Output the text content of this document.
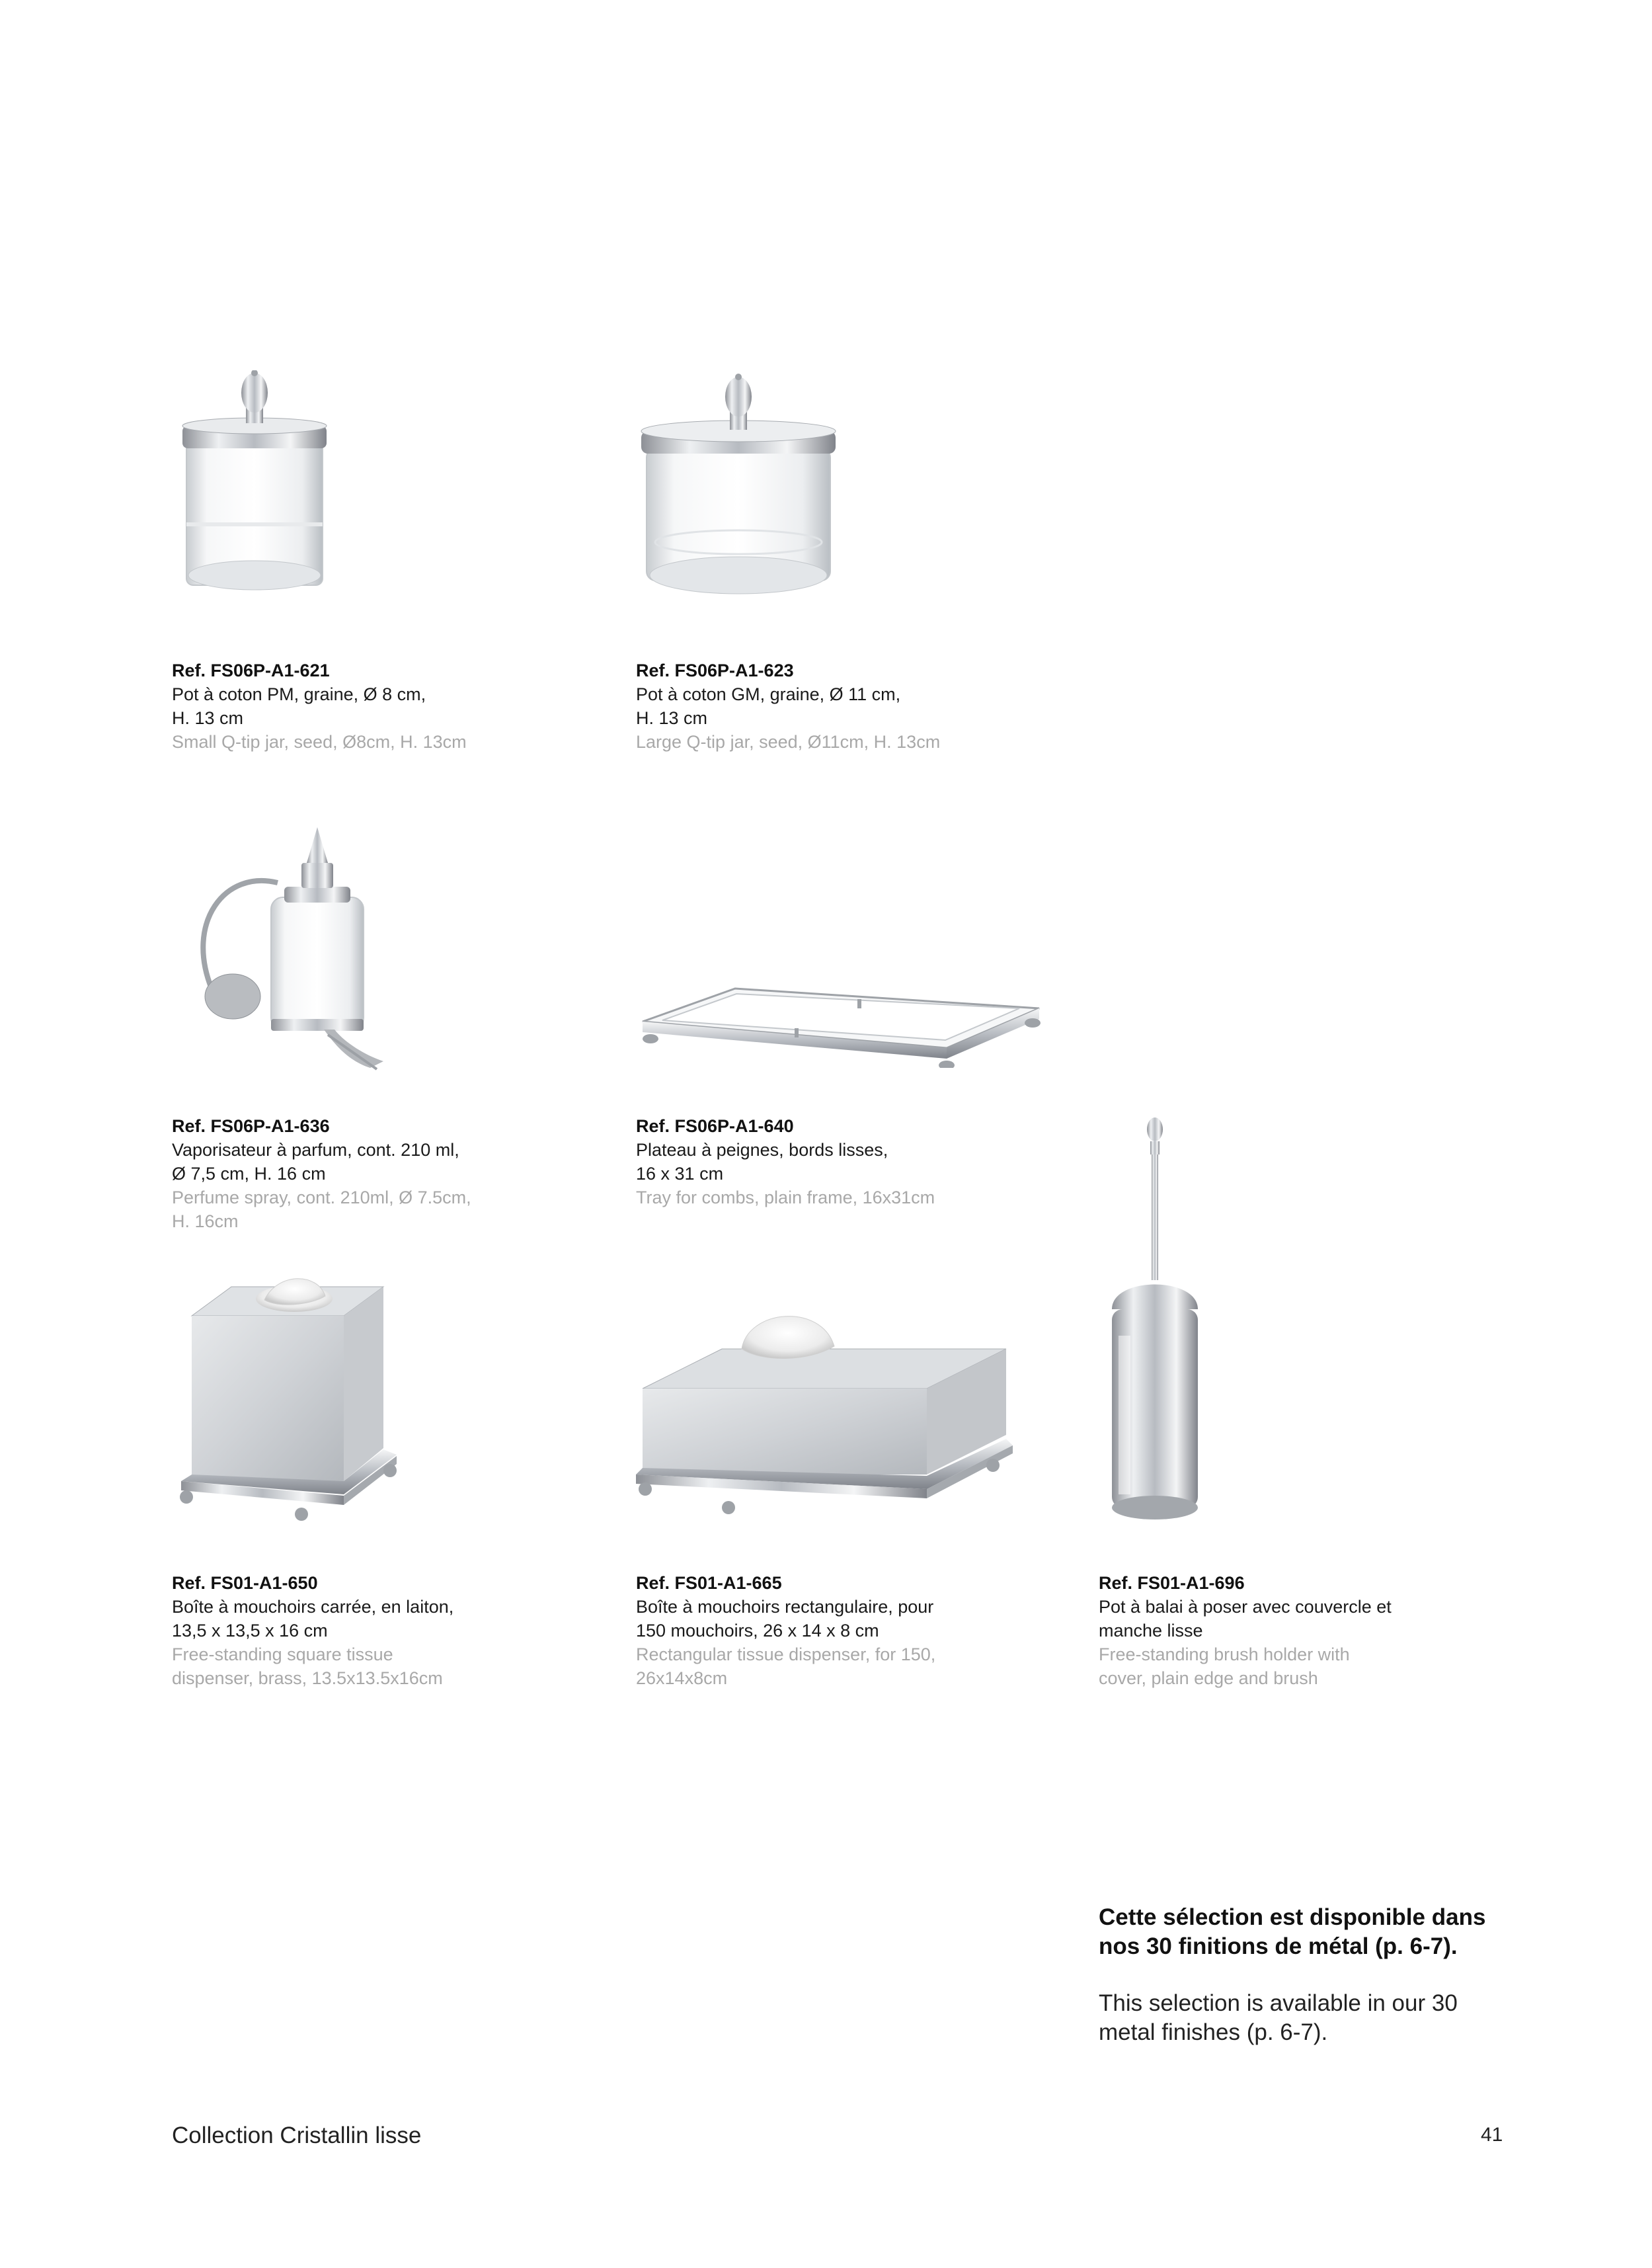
Ref. FS06P-A1-621
Pot à coton PM, graine, Ø 8 cm,
H. 13 cm
Small Q-tip jar, seed, Ø8cm, H. 13cm
Ref. FS06P-A1-623
Pot à coton GM, graine, Ø 11 cm,
H. 13 cm
Large Q-tip jar, seed, Ø11cm, H. 13cm
Ref. FS06P-A1-636
Vaporisateur à parfum, cont. 210 ml,
Ø 7,5 cm, H. 16 cm
Perfume spray, cont. 210ml, Ø 7.5cm,
H. 16cm
Ref. FS06P-A1-640
Plateau à peignes, bords lisses,
16 x 31 cm
Tray for combs, plain frame, 16x31cm
Ref. FS01-A1-650
Boîte à mouchoirs carrée, en laiton,
13,5 x 13,5 x 16 cm
Free-standing square tissue
dispenser, brass, 13.5x13.5x16cm
Ref. FS01-A1-665
Boîte à mouchoirs rectangulaire, pour
150 mouchoirs, 26 x 14 x 8 cm
Rectangular tissue dispenser, for 150,
26x14x8cm
Ref. FS01-A1-696
Pot à balai à poser avec couvercle et
manche lisse
Free-standing brush holder with
cover, plain edge and brush
Cette sélection est disponible dans
nos 30 finitions de métal (p. 6-7).
This selection is available in our 30
metal finishes (p. 6-7).
Collection Cristallin lisse	41
